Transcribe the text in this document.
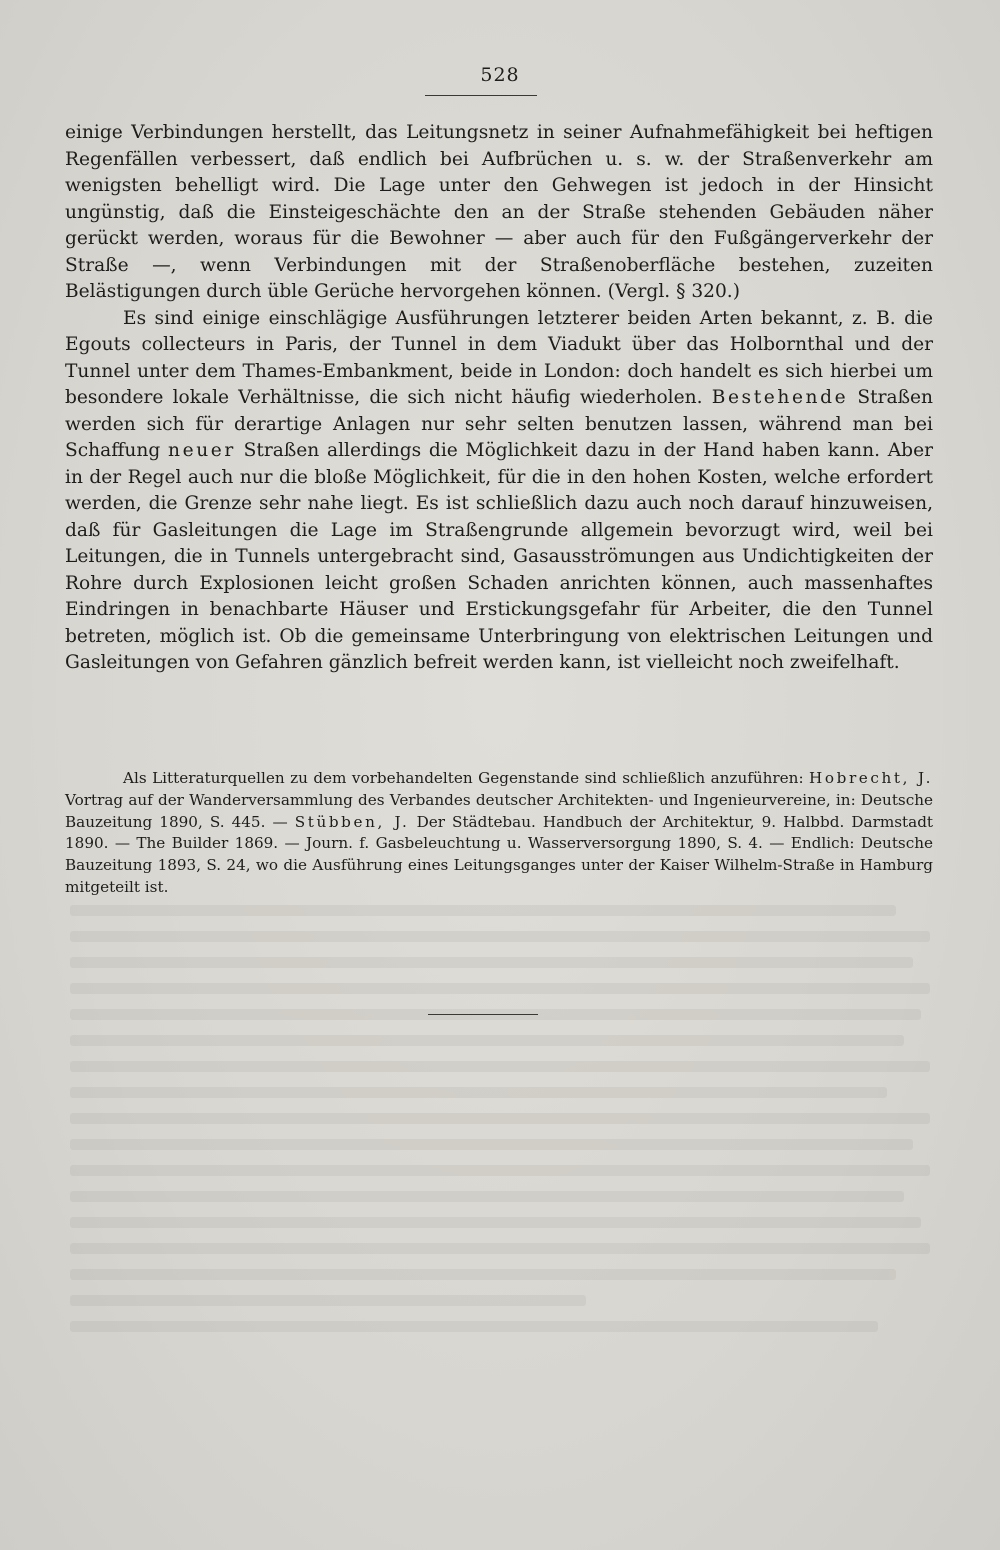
528

einige Verbindungen herstellt, das Leitungsnetz in seiner Aufnahmefähigkeit bei heftigen Regenfällen verbessert, daß endlich bei Aufbrüchen u. s. w. der Straßenverkehr am wenigsten behelligt wird. Die Lage unter den Gehwegen ist jedoch in der Hinsicht ungünstig, daß die Einsteigeschächte den an der Straße stehenden Gebäuden näher gerückt werden, woraus für die Bewohner — aber auch für den Fußgängerverkehr der Straße —, wenn Verbindungen mit der Straßenoberfläche bestehen, zuzeiten Belästigungen durch üble Gerüche hervorgehen können. (Vergl. § 320.)

Es sind einige einschlägige Ausführungen letzterer beiden Arten bekannt, z. B. die Egouts collecteurs in Paris, der Tunnel in dem Viadukt über das Holbornthal und der Tunnel unter dem Thames-Embankment, beide in London: doch handelt es sich hierbei um besondere lokale Verhältnisse, die sich nicht häufig wiederholen. Bestehende Straßen werden sich für derartige Anlagen nur sehr selten benutzen lassen, während man bei Schaffung neuer Straßen allerdings die Möglichkeit dazu in der Hand haben kann. Aber in der Regel auch nur die bloße Möglichkeit, für die in den hohen Kosten, welche erfordert werden, die Grenze sehr nahe liegt. Es ist schließlich dazu auch noch darauf hinzuweisen, daß für Gasleitungen die Lage im Straßengrunde allgemein bevorzugt wird, weil bei Leitungen, die in Tunnels untergebracht sind, Gasausströmungen aus Undichtigkeiten der Rohre durch Explosionen leicht großen Schaden anrichten können, auch massenhaftes Eindringen in benachbarte Häuser und Erstickungsgefahr für Arbeiter, die den Tunnel betreten, möglich ist. Ob die gemeinsame Unterbringung von elektrischen Leitungen und Gasleitungen von Gefahren gänzlich befreit werden kann, ist vielleicht noch zweifelhaft.

Als Litteraturquellen zu dem vorbehandelten Gegenstande sind schließlich anzuführen: Hobrecht, J. Vortrag auf der Wanderversammlung des Verbandes deutscher Architekten- und Ingenieurvereine, in: Deutsche Bauzeitung 1890, S. 445. — Stübben, J. Der Städtebau. Handbuch der Architektur, 9. Halbbd. Darmstadt 1890. — The Builder 1869. — Journ. f. Gasbeleuchtung u. Wasserversorgung 1890, S. 4. — Endlich: Deutsche Bauzeitung 1893, S. 24, wo die Ausführung eines Leitungsganges unter der Kaiser Wilhelm-Straße in Hamburg mitgeteilt ist.
